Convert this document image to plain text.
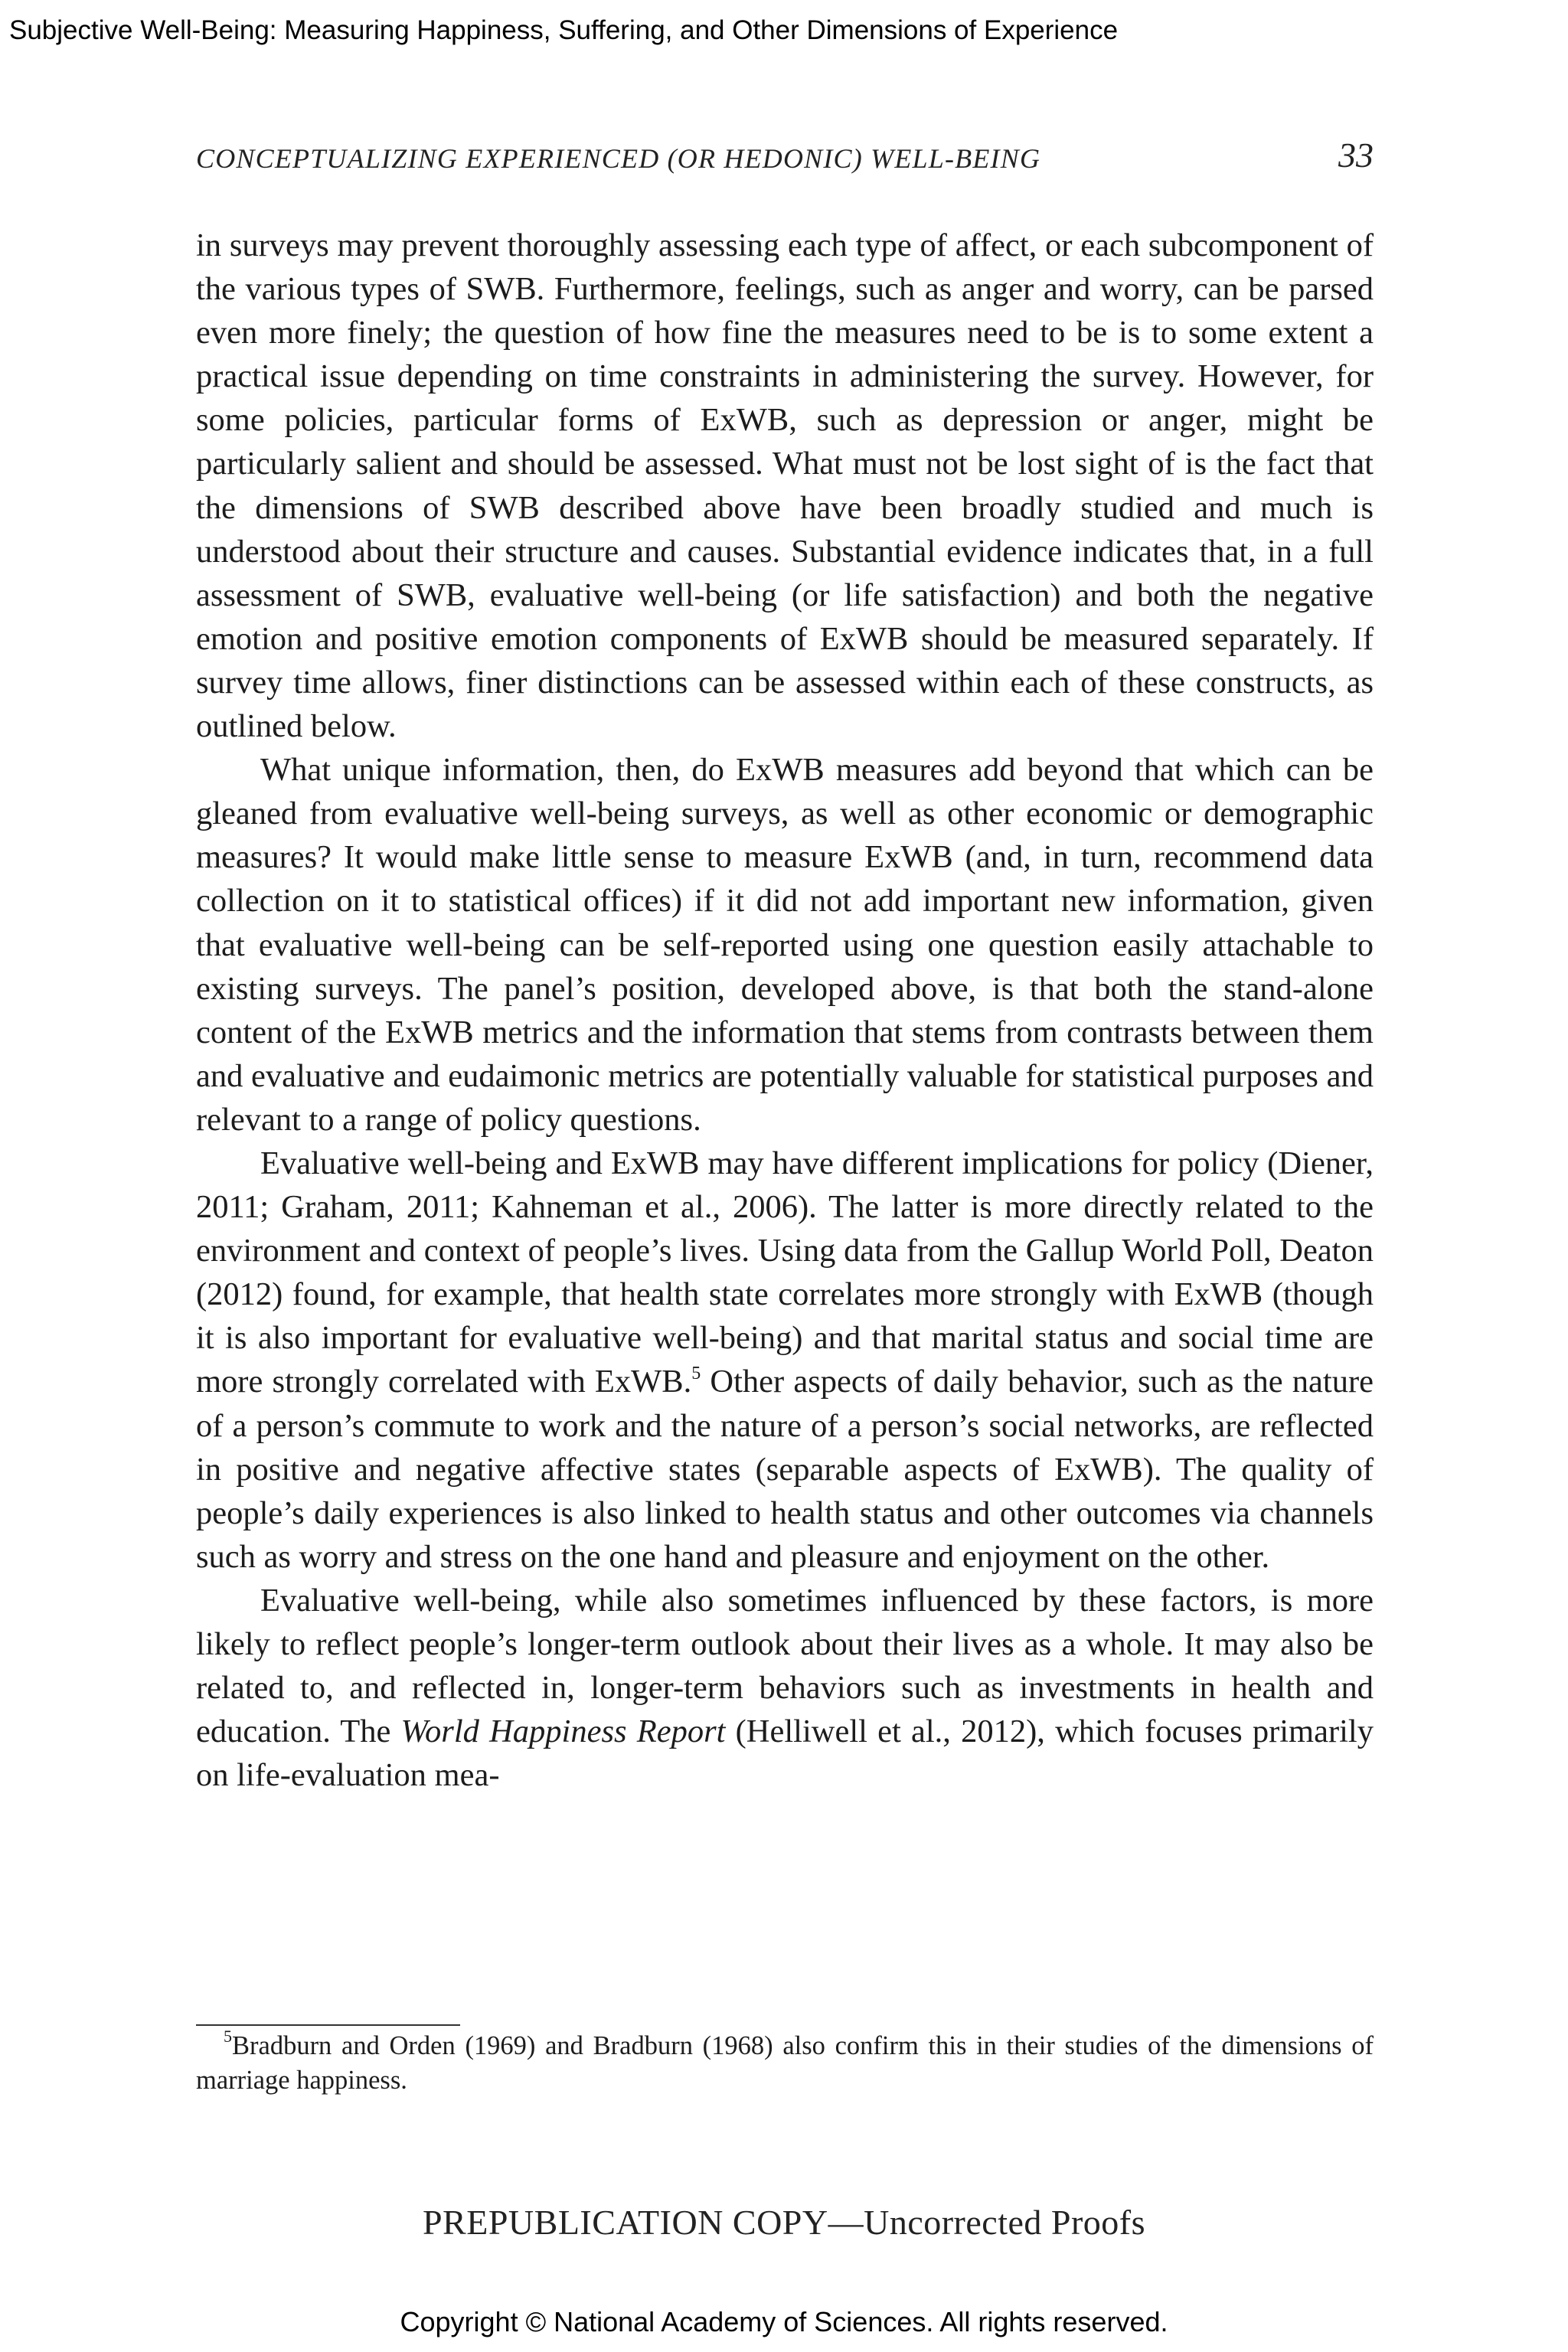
Subjective Well-Being: Measuring Happiness, Suffering, and Other Dimensions of Experience
CONCEPTUALIZING EXPERIENCED (OR HEDONIC) WELL-BEING	33

in surveys may prevent thoroughly assessing each type of affect, or each subcomponent of the various types of SWB. Furthermore, feelings, such as anger and worry, can be parsed even more finely; the question of how fine the measures need to be is to some extent a practical issue depending on time constraints in administering the survey. However, for some policies, particular forms of ExWB, such as depression or anger, might be particularly salient and should be assessed. What must not be lost sight of is the fact that the dimensions of SWB described above have been broadly studied and much is understood about their structure and causes. Substantial evidence indicates that, in a full assessment of SWB, evaluative well-being (or life satisfaction) and both the negative emotion and positive emotion components of ExWB should be measured separately. If survey time allows, finer distinctions can be assessed within each of these constructs, as outlined below.

What unique information, then, do ExWB measures add beyond that which can be gleaned from evaluative well-being surveys, as well as other economic or demographic measures? It would make little sense to measure ExWB (and, in turn, recommend data collection on it to statistical offices) if it did not add important new information, given that evaluative well-being can be self-reported using one question easily attachable to existing surveys. The panel’s position, developed above, is that both the stand-alone content of the ExWB metrics and the information that stems from contrasts between them and evaluative and eudaimonic metrics are potentially valuable for statistical purposes and relevant to a range of policy questions.

Evaluative well-being and ExWB may have different implications for policy (Diener, 2011; Graham, 2011; Kahneman et al., 2006). The latter is more directly related to the environment and context of people’s lives. Using data from the Gallup World Poll, Deaton (2012) found, for example, that health state correlates more strongly with ExWB (though it is also important for evaluative well-being) and that marital status and social time are more strongly correlated with ExWB.$^5$ Other aspects of daily behavior, such as the nature of a person’s commute to work and the nature of a person’s social networks, are reflected in positive and negative affective states (separable aspects of ExWB). The quality of people’s daily experiences is also linked to health status and other outcomes via channels such as worry and stress on the one hand and pleasure and enjoyment on the other.

Evaluative well-being, while also sometimes influenced by these factors, is more likely to reflect people’s longer-term outlook about their lives as a whole. It may also be related to, and reflected in, longer-term behaviors such as investments in health and education. The World Happiness Report (Helliwell et al., 2012), which focuses primarily on life-evaluation mea-

$^5$Bradburn and Orden (1969) and Bradburn (1968) also confirm this in their studies of the dimensions of marriage happiness.
PREPUBLICATION COPY—Uncorrected Proofs
Copyright © National Academy of Sciences. All rights reserved.
